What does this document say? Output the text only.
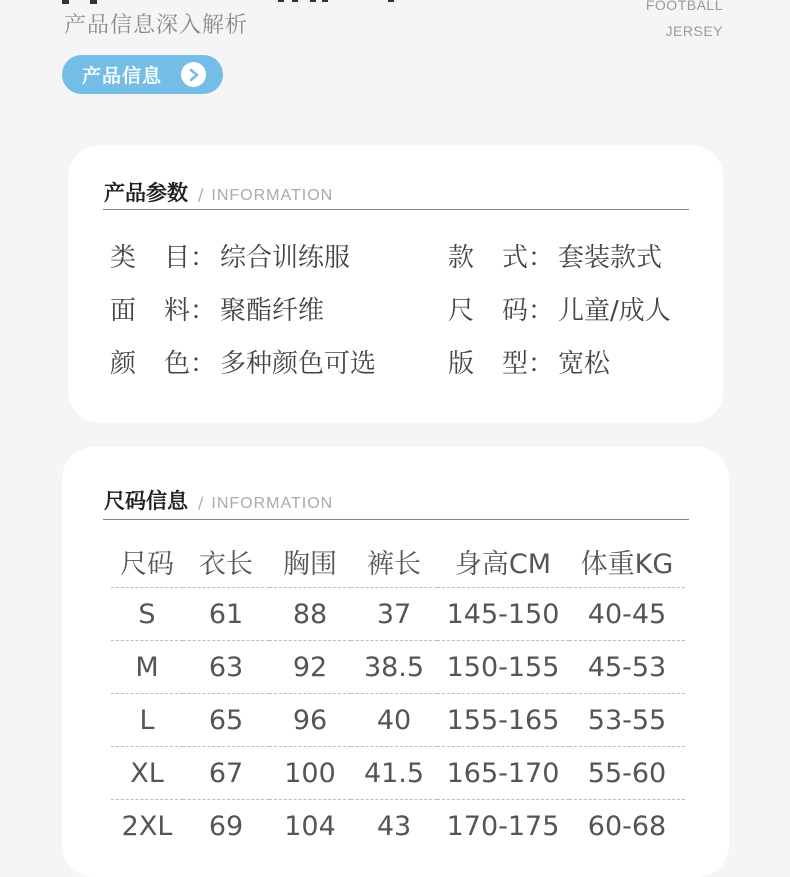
产品信息深入解析
FOOTBALL
JERSEY
产品信息
产品参数 / INFORMATION
类 目： 综合训练服	款 式： 套装款式
面 料： 聚酯纤维	尺 码： 儿童/成人
颜 色： 多种颜色可选	版 型： 宽松
尺码信息 / INFORMATION
尺码	衣长	胸围	裤长	身高CM	体重KG
S	61	88	37	145-150	40-45
M	63	92	38.5	150-155	45-53
L	65	96	40	155-165	53-55
XL	67	100	41.5	165-170	55-60
2XL	69	104	43	170-175	60-68
